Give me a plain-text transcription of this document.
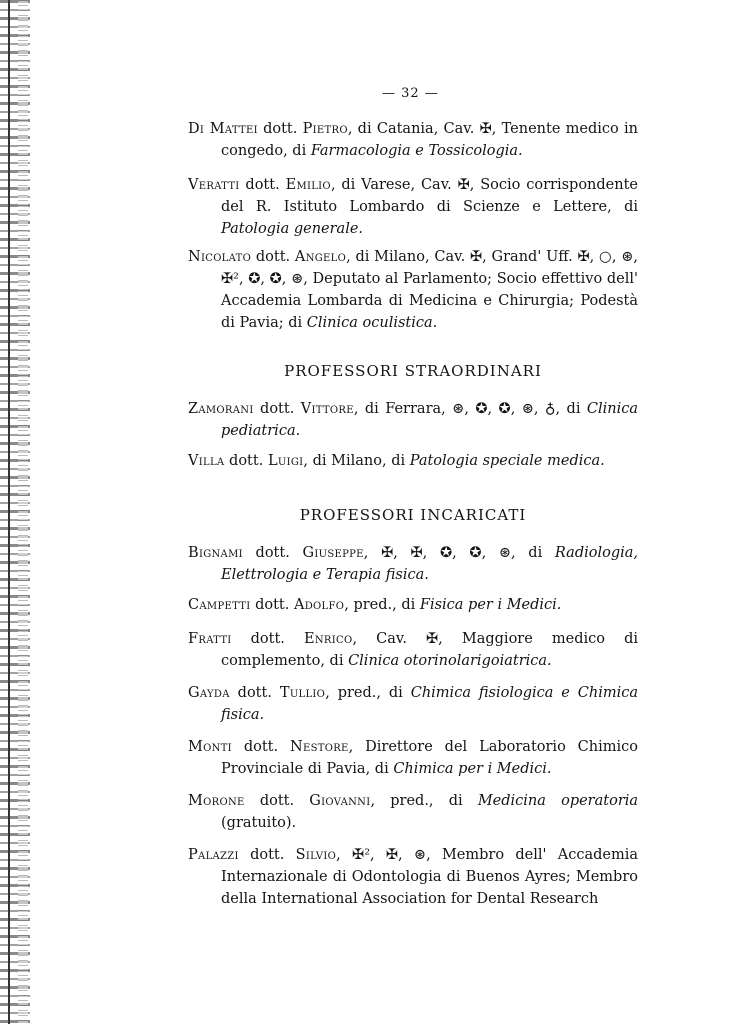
— 32 —
Di Mattei dott. Pietro, di Catania, Cav. ✠, Tenente medico in congedo, di Farmacologia e Tossicologia.
Veratti dott. Emilio, di Varese, Cav. ✠, Socio corrispondente del R. Istituto Lombardo di Scienze e Lettere, di Patologia generale.
Nicolato dott. Angelo, di Milano, Cav. ✠, Grand' Uff. ✠, ○, ⊛, ✠², ✪, ✪, ⊛, Deputato al Parlamento; Socio effettivo dell' Accademia Lombarda di Medicina e Chirurgia; Podestà di Pavia; di Clinica oculistica.
PROFESSORI STRAORDINARI
Zamorani dott. Vittore, di Ferrara, ⊛, ✪, ✪, ⊛, ♁, di Clinica pediatrica.
Villa dott. Luigi, di Milano, di Patologia speciale medica.
PROFESSORI INCARICATI
Bignami dott. Giuseppe, ✠, ✠, ✪, ✪, ⊛, di Radiologia, Elettrologia e Terapia fisica.
Campetti dott. Adolfo, pred., di Fisica per i Medici.
Fratti dott. Enrico, Cav. ✠, Maggiore medico di complemento, di Clinica otorinolarigoiatrica.
Gayda dott. Tullio, pred., di Chimica fisiologica e Chimica fisica.
Monti dott. Nestore, Direttore del Laboratorio Chimico Provinciale di Pavia, di Chimica per i Medici.
Morone dott. Giovanni, pred., di Medicina operatoria (gratuito).
Palazzi dott. Silvio, ✠², ✠, ⊛, Membro dell' Accademia Internazionale di Odontologia di Buenos Ayres; Membro della International Association for Dental Research
